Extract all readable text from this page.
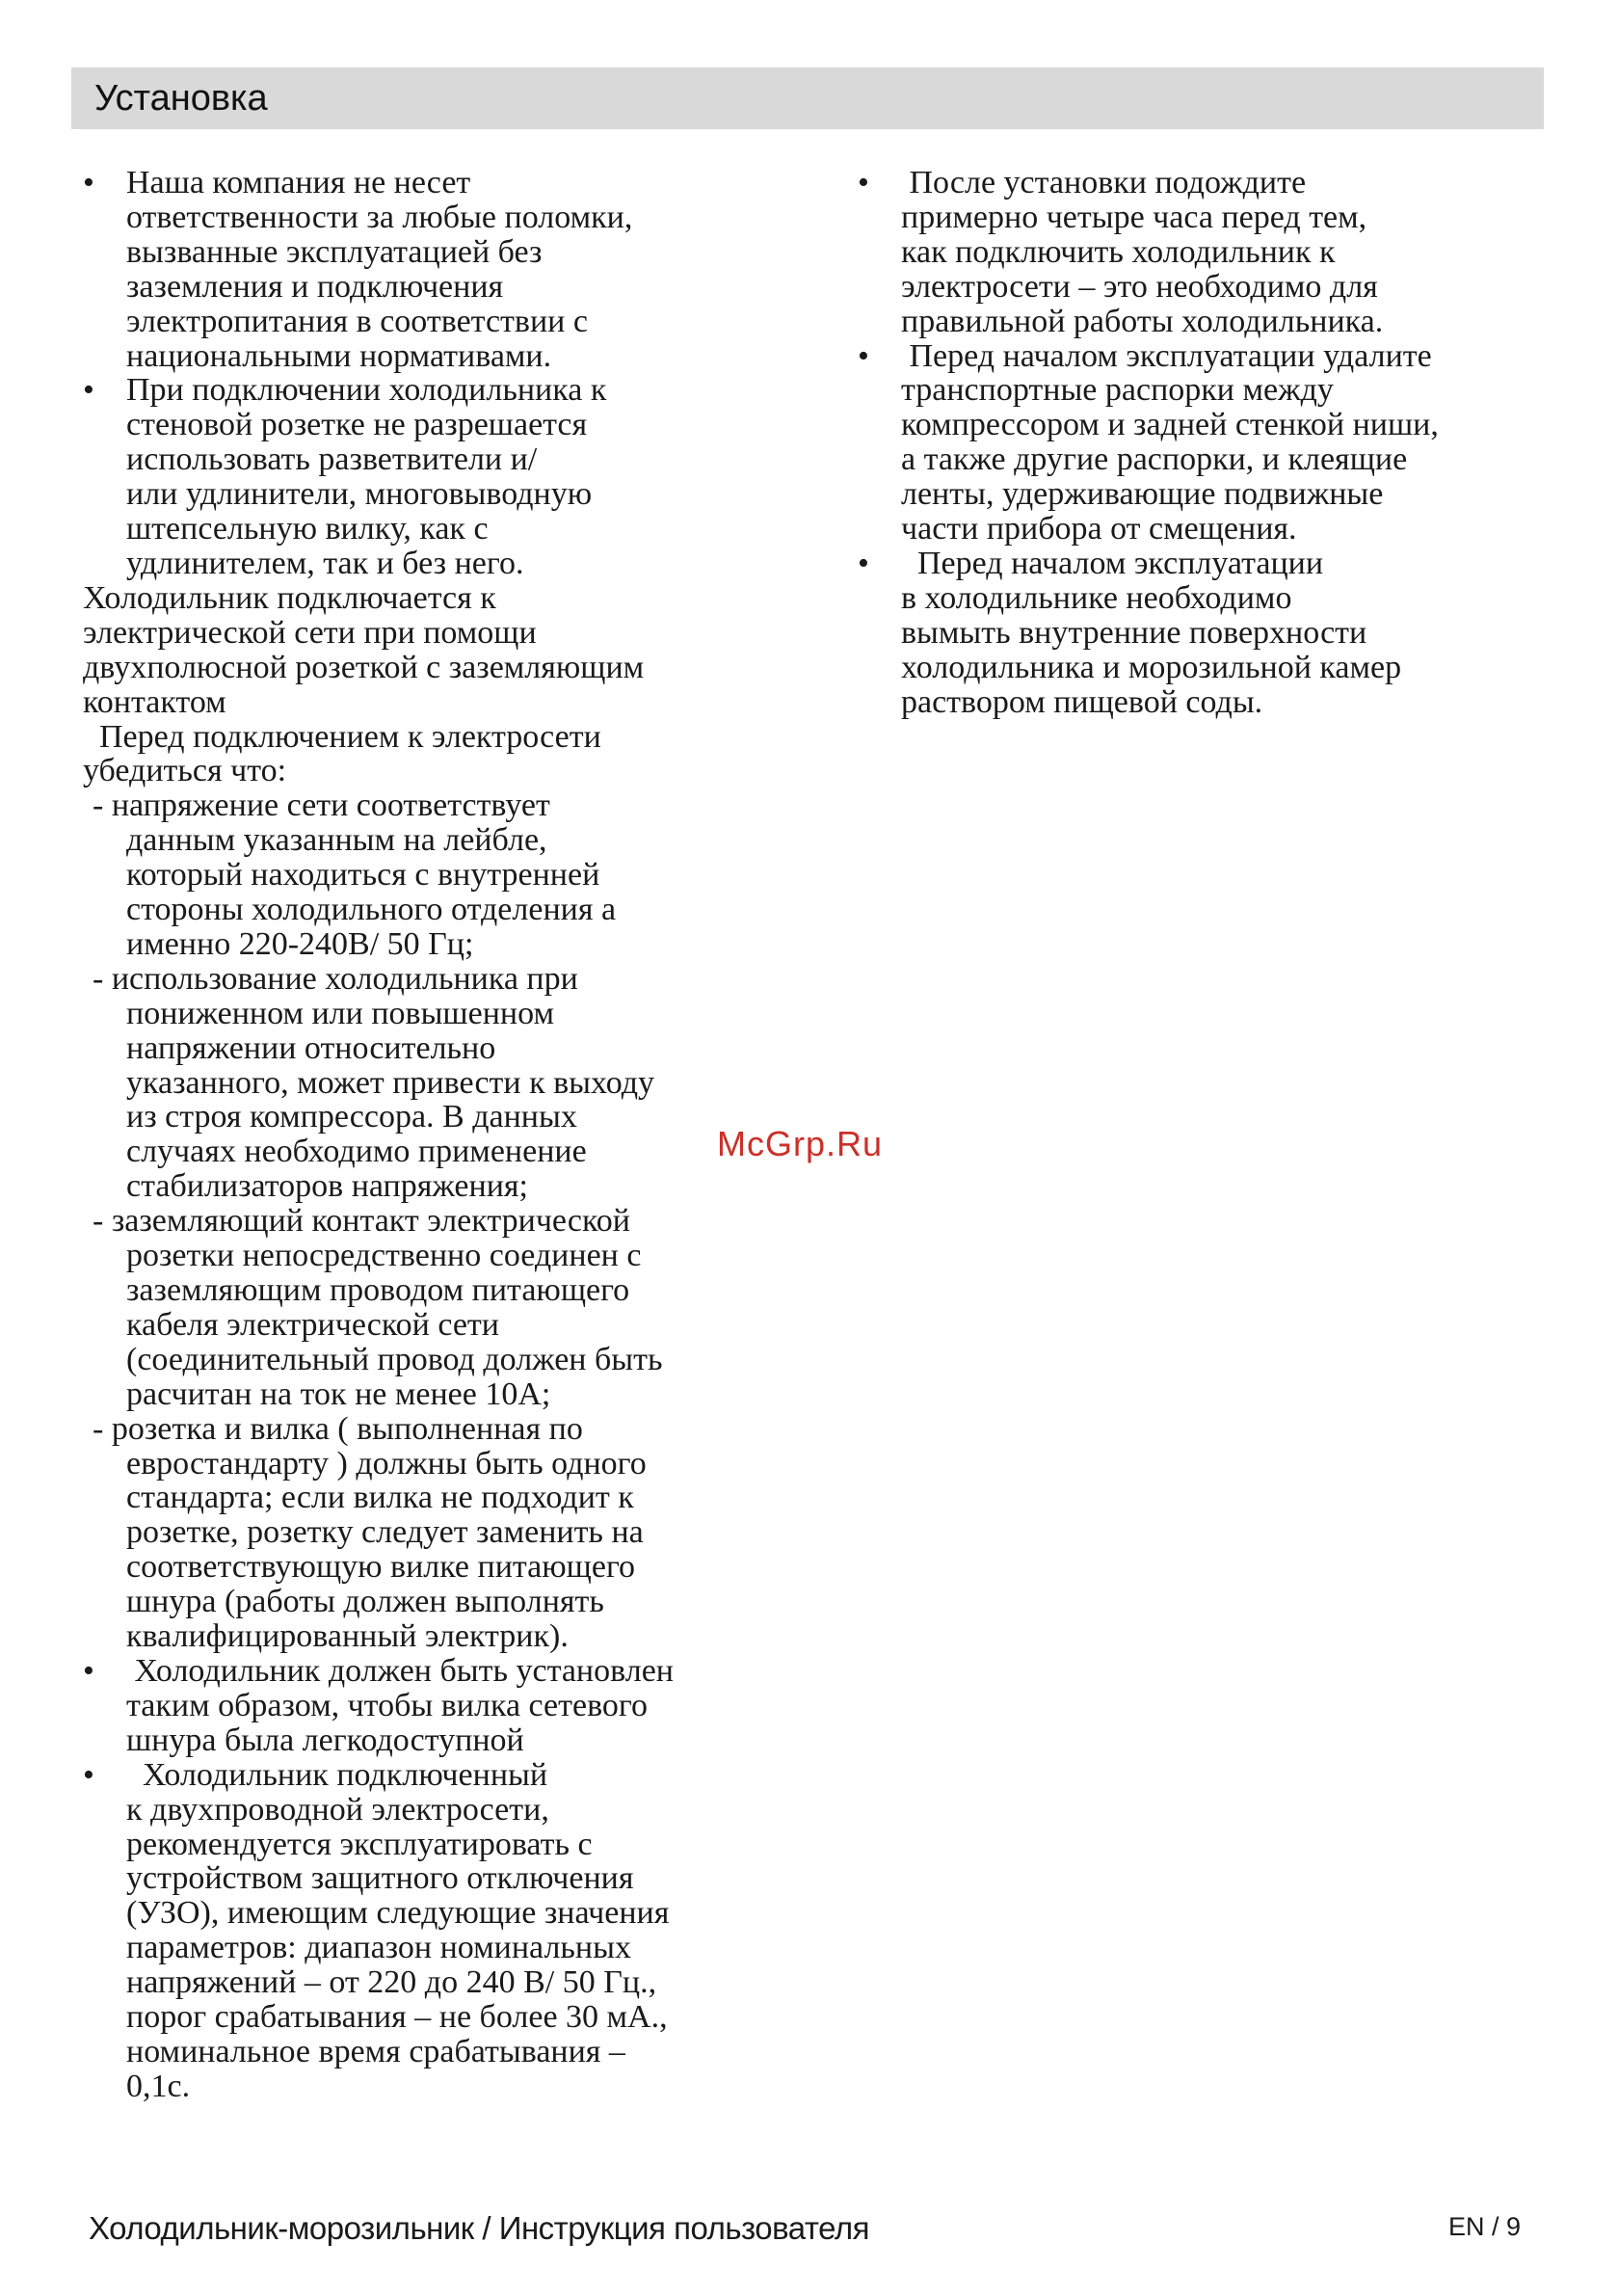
Установка
• Наша компания не несет
ответственности за любые поломки,
вызванные эксплуатацией без
заземления и подключения
электропитания в соответствии с
национальными нормативами.
• При подключении холодильника к
стеновой розетке не разрешается
использовать разветвители и/
или удлинители, многовыводную
штепсельную вилку, как с
удлинителем, так и без него.
Холодильник подключается к
электрической сети при помощи
двухполюсной розеткой с заземляющим
контактом
Перед подключением к электросети
убедиться что:
- напряжение сети соответствует
данным указанным на лейбле,
который находиться с внутренней
стороны холодильного отделения а
именно 220-240В/ 50 Гц;
- использование холодильника при
пониженном или повышенном
напряжении относительно
указанного, может привести к выходу
из строя компрессора. В данных
случаях необходимо применение
стабилизаторов напряжения;
- заземляющий контакт электрической
розетки непосредственно соединен с
заземляющим проводом питающего
кабеля электрической сети
(соединительный провод должен быть
расчитан на ток не менее 10А;
- розетка и вилка ( выполненная по
евростандарту ) должны быть одного
стандарта; если вилка не подходит к
розетке, розетку следует заменить на
соответствующую вилке питающего
шнура (работы должен выполнять
квалифицированный электрик).
• Холодильник должен быть установлен
таким образом, чтобы вилка сетевого
шнура была легкодоступной
•	Холодильник подключенный
к двухпроводной электросети,
рекомендуется эксплуатировать с
устройством защитного отключения
(УЗО), имеющим следующие значения
параметров: диапазон номинальных
напряжений – от 220 до 240 В/ 50 Гц.,
порог срабатывания – не более 30 мА.,
номинальное время срабатывания –
0,1с.
• После установки подождите
примерно четыре часа перед тем,
как подключить холодильник к
электросети – это необходимо для
правильной работы холодильника.
• Перед началом эксплуатации удалите
транспортные распорки между
компрессором и задней стенкой ниши,
а также другие распорки, и клеящие
ленты, удерживающие подвижные
части прибора от смещения.
•	Перед началом эксплуатации
в холодильнике необходимо
вымыть внутренние поверхности
холодильника и морозильной камер
раствором пищевой соды.
McGrp.Ru
Холодильник-морозильник / Инструкция пользователя	EN / 9
